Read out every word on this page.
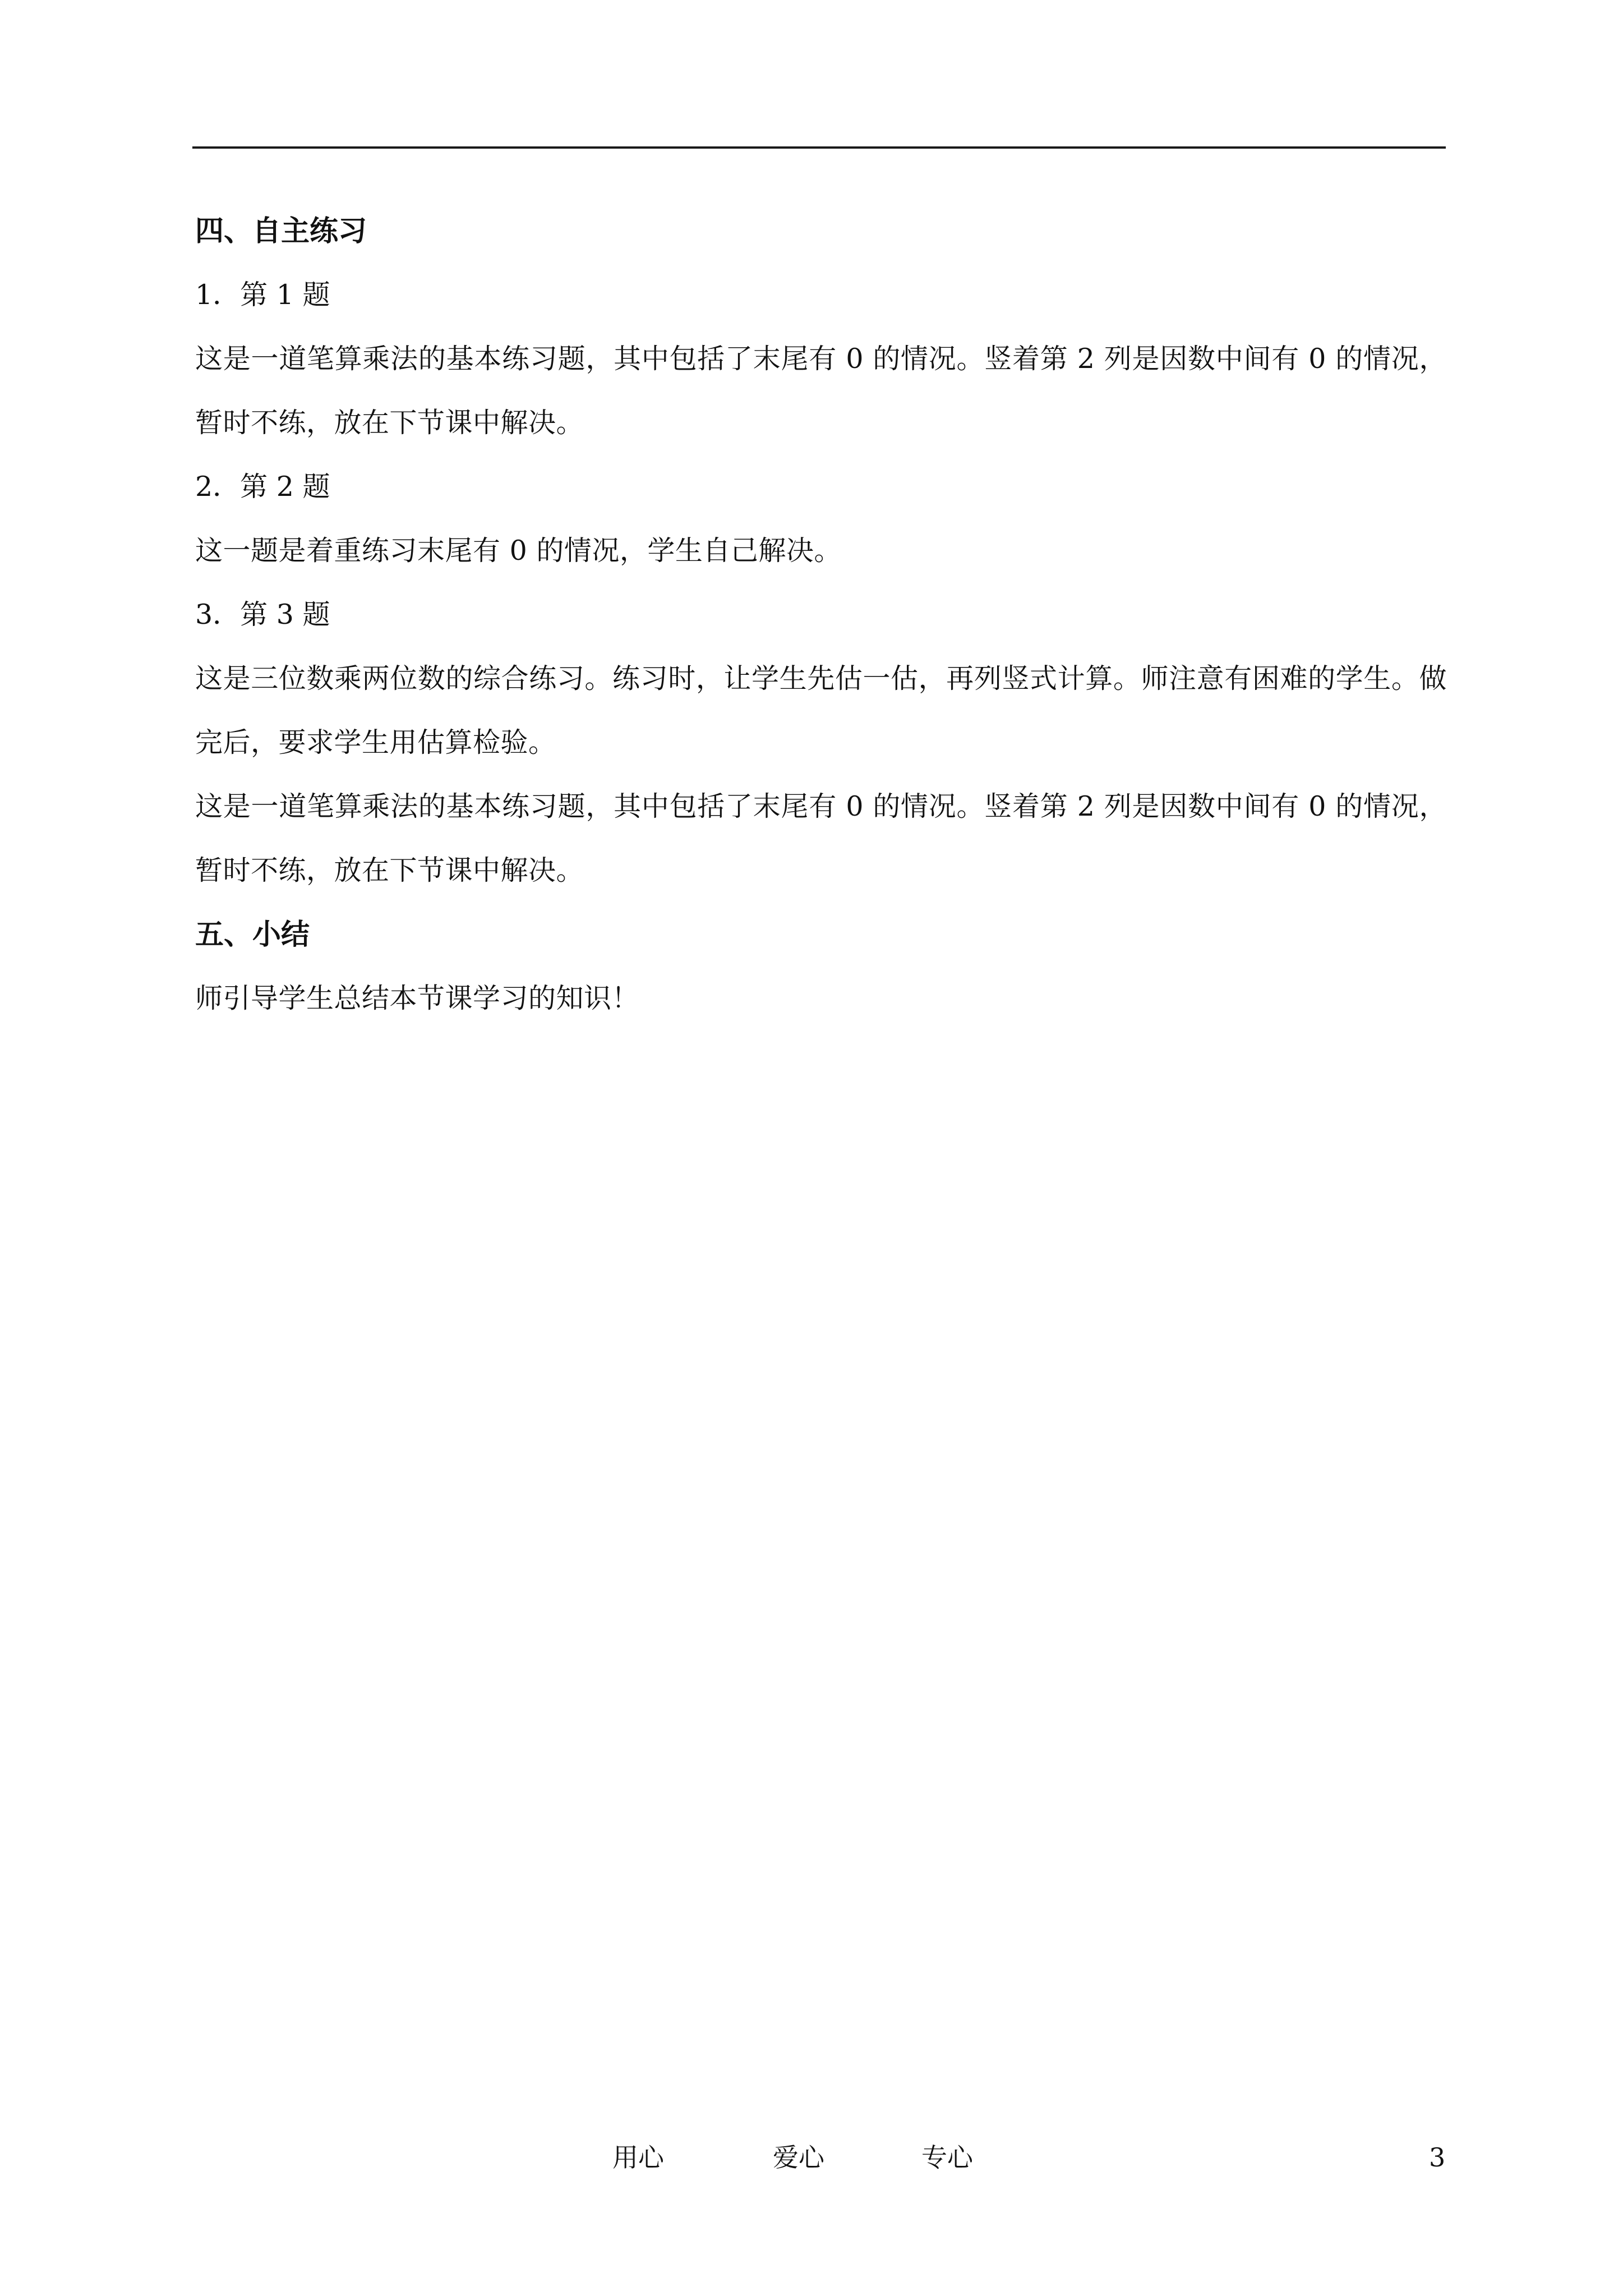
四、自主练习

1．第 1 题

这是一道笔算乘法的基本练习题，其中包括了末尾有 0 的情况。竖着第 2 列是因数中间有 0 的情况，暂时不练，放在下节课中解决。

2．第 2 题

这一题是着重练习末尾有 0 的情况，学生自己解决。

3．第 3 题

这是三位数乘两位数的综合练习。练习时，让学生先估一估，再列竖式计算。师注意有困难的学生。做完后，要求学生用估算检验。

这是一道笔算乘法的基本练习题，其中包括了末尾有 0 的情况。竖着第 2 列是因数中间有 0 的情况，暂时不练，放在下节课中解决。

五、小结

师引导学生总结本节课学习的知识！

用心	爱心	专心	3
